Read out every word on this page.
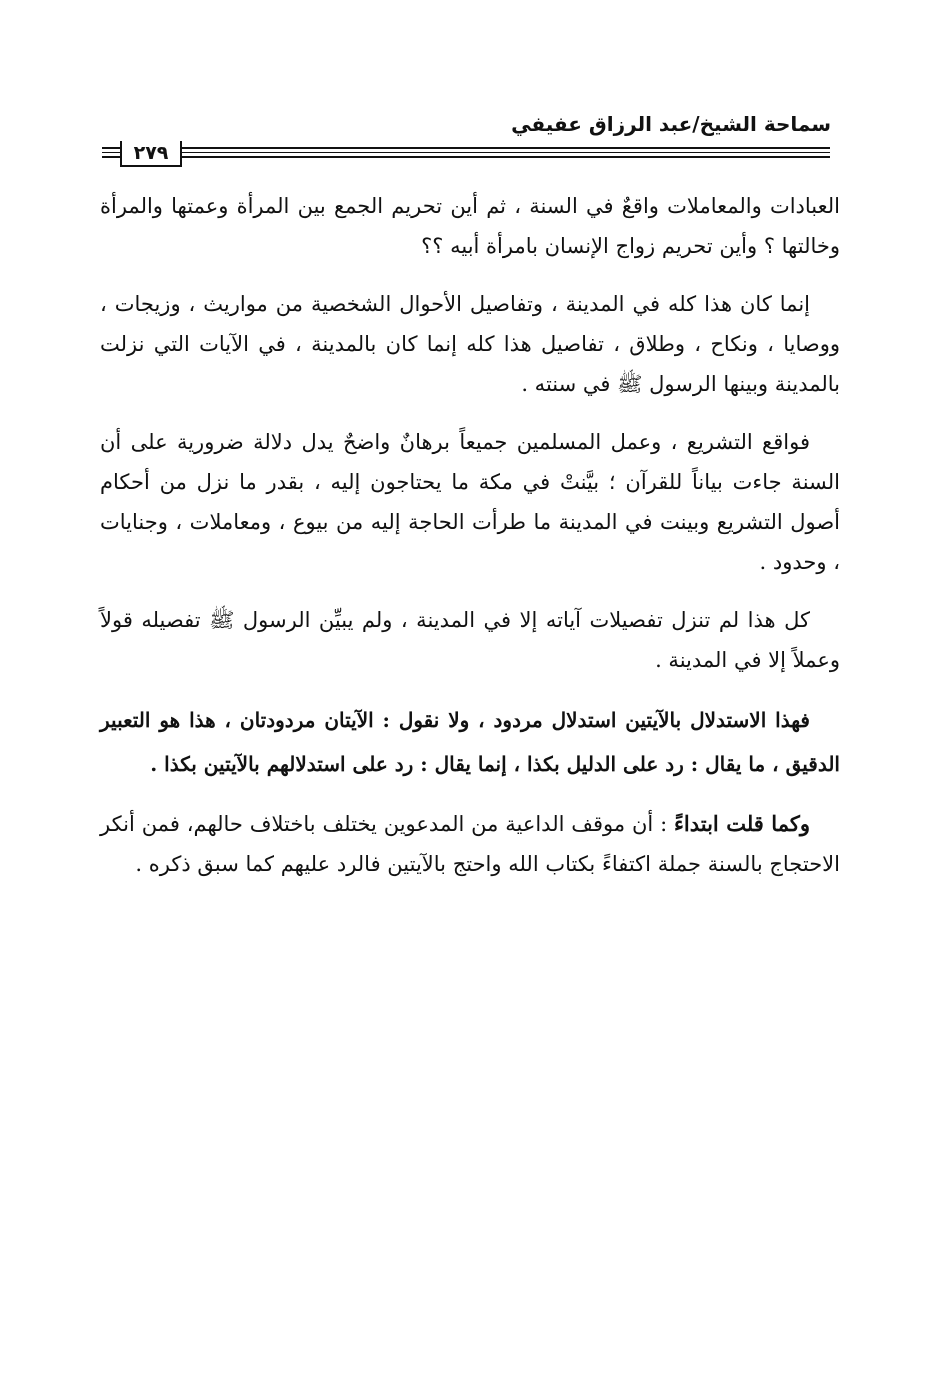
سماحة الشيخ/عبد الرزاق عفيفي
٢٧٩

العبادات والمعاملات واقعٌ في السنة ، ثم أين تحريم الجمع بين المرأة وعمتها والمرأة وخالتها ؟ وأين تحريم زواج الإنسان بامرأة أبيه ؟؟

إنما كان هذا كله في المدينة ، وتفاصيل الأحوال الشخصية من مواريث ، وزيجات ، ووصايا ، ونكاح ، وطلاق ، تفاصيل هذا كله إنما كان بالمدينة ، في الآيات التي نزلت بالمدينة وبينها الرسول ﷺ في سنته .

فواقع التشريع ، وعمل المسلمين جميعاً برهانٌ واضحٌ يدل دلالة ضرورية على أن السنة جاءت بياناً للقرآن ؛ بيَّنتْ في مكة ما يحتاجون إليه ، بقدر ما نزل من أحكام أصول التشريع وبينت في المدينة ما طرأت الحاجة إليه من بيوع ، ومعاملات ، وجنايات ، وحدود .

كل هذا لم تنزل تفصيلات آياته إلا في المدينة ، ولم يبيِّن الرسول ﷺ تفصيله قولاً وعملاً إلا في المدينة .

فهذا الاستدلال بالآيتين استدلال مردود ، ولا نقول : الآيتان مردودتان ، هذا هو التعبير الدقيق ، ما يقال : رد على الدليل بكذا ، إنما يقال : رد على استدلالهم بالآيتين بكذا .

وكما قلت ابتداءً : أن موقف الداعية من المدعوين يختلف باختلاف حالهم، فمن أنكر الاحتجاج بالسنة جملة اكتفاءً بكتاب الله واحتج بالآيتين فالرد عليهم كما سبق ذكره .
